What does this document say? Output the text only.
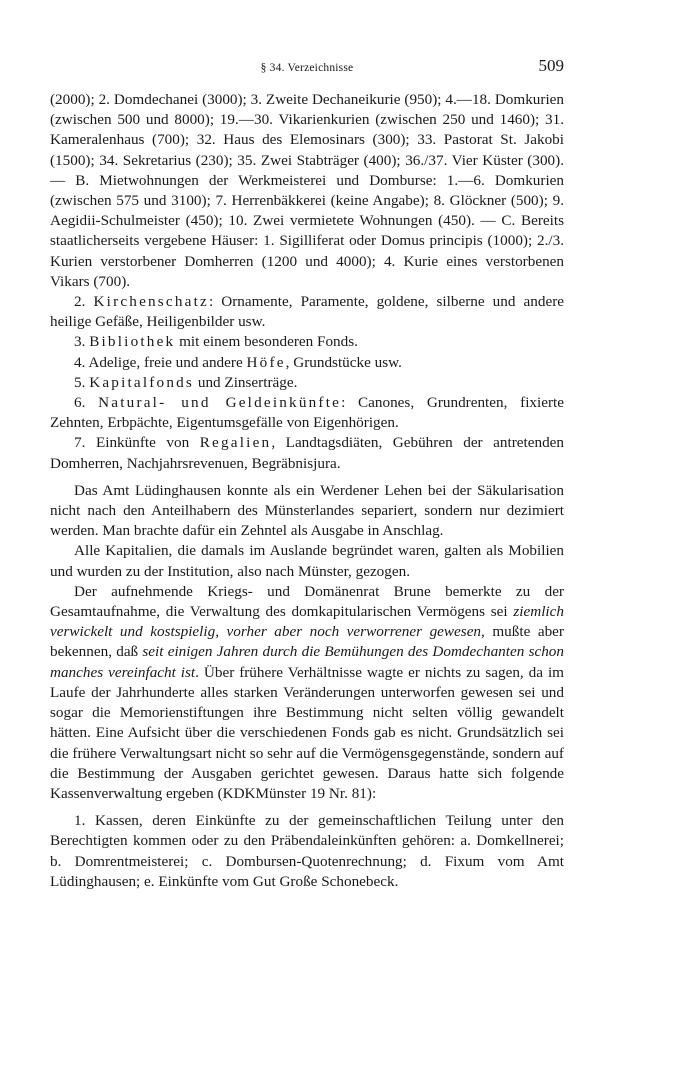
§ 34. Verzeichnisse	509

(2000); 2. Domdechanei (3000); 3. Zweite Dechaneikurie (950); 4.—18. Domkurien (zwischen 500 und 8000); 19.—30. Vikarienkurien (zwischen 250 und 1460); 31. Kameralenhaus (700); 32. Haus des Elemosinars (300); 33. Pastorat St. Jakobi (1500); 34. Sekretarius (230); 35. Zwei Stabträger (400); 36./37. Vier Küster (300). — B. Mietwohnungen der Werkmeisterei und Domburse: 1.—6. Domkurien (zwischen 575 und 3100); 7. Herrenbäkkerei (keine Angabe); 8. Glöckner (500); 9. Aegidii-Schulmeister (450); 10. Zwei vermietete Wohnungen (450). — C. Bereits staatlicherseits vergebene Häuser: 1. Sigilliferat oder Domus principis (1000); 2./3. Kurien verstorbener Domherren (1200 und 4000); 4. Kurie eines verstorbenen Vikars (700).

2. Kirchenschatz: Ornamente, Paramente, goldene, silberne und andere heilige Gefäße, Heiligenbilder usw.

3. Bibliothek mit einem besonderen Fonds.

4. Adelige, freie und andere Höfe, Grundstücke usw.

5. Kapitalfonds und Zinserträge.

6. Natural- und Geldeinkünfte: Canones, Grundrenten, fixierte Zehnten, Erbpächte, Eigentumsgefälle von Eigenhörigen.

7. Einkünfte von Regalien, Landtagsdiäten, Gebühren der antretenden Domherren, Nachjahrsrevenuen, Begräbnisjura.

Das Amt Lüdinghausen konnte als ein Werdener Lehen bei der Säkularisation nicht nach den Anteilhabern des Münsterlandes separiert, sondern nur dezimiert werden. Man brachte dafür ein Zehntel als Ausgabe in Anschlag.

Alle Kapitalien, die damals im Auslande begründet waren, galten als Mobilien und wurden zu der Institution, also nach Münster, gezogen.

Der aufnehmende Kriegs- und Domänenrat Brune bemerkte zu der Gesamtaufnahme, die Verwaltung des domkapitularischen Vermögens sei ziemlich verwickelt und kostspielig, vorher aber noch verworrener gewesen, mußte aber bekennen, daß seit einigen Jahren durch die Bemühungen des Domdechanten schon manches vereinfacht ist. Über frühere Verhältnisse wagte er nichts zu sagen, da im Laufe der Jahrhunderte alles starken Veränderungen unterworfen gewesen sei und sogar die Memorienstiftungen ihre Bestimmung nicht selten völlig gewandelt hätten. Eine Aufsicht über die verschiedenen Fonds gab es nicht. Grundsätzlich sei die frühere Verwaltungsart nicht so sehr auf die Vermögensgegenstände, sondern auf die Bestimmung der Ausgaben gerichtet gewesen. Daraus hatte sich folgende Kassenverwaltung ergeben (KDKMünster 19 Nr. 81):

1. Kassen, deren Einkünfte zu der gemeinschaftlichen Teilung unter den Berechtigten kommen oder zu den Präbendaleinkünften gehören: a. Domkellnerei; b. Domrentmeisterei; c. Dombursen-Quotenrechnung; d. Fixum vom Amt Lüdinghausen; e. Einkünfte vom Gut Große Schonebeck.
